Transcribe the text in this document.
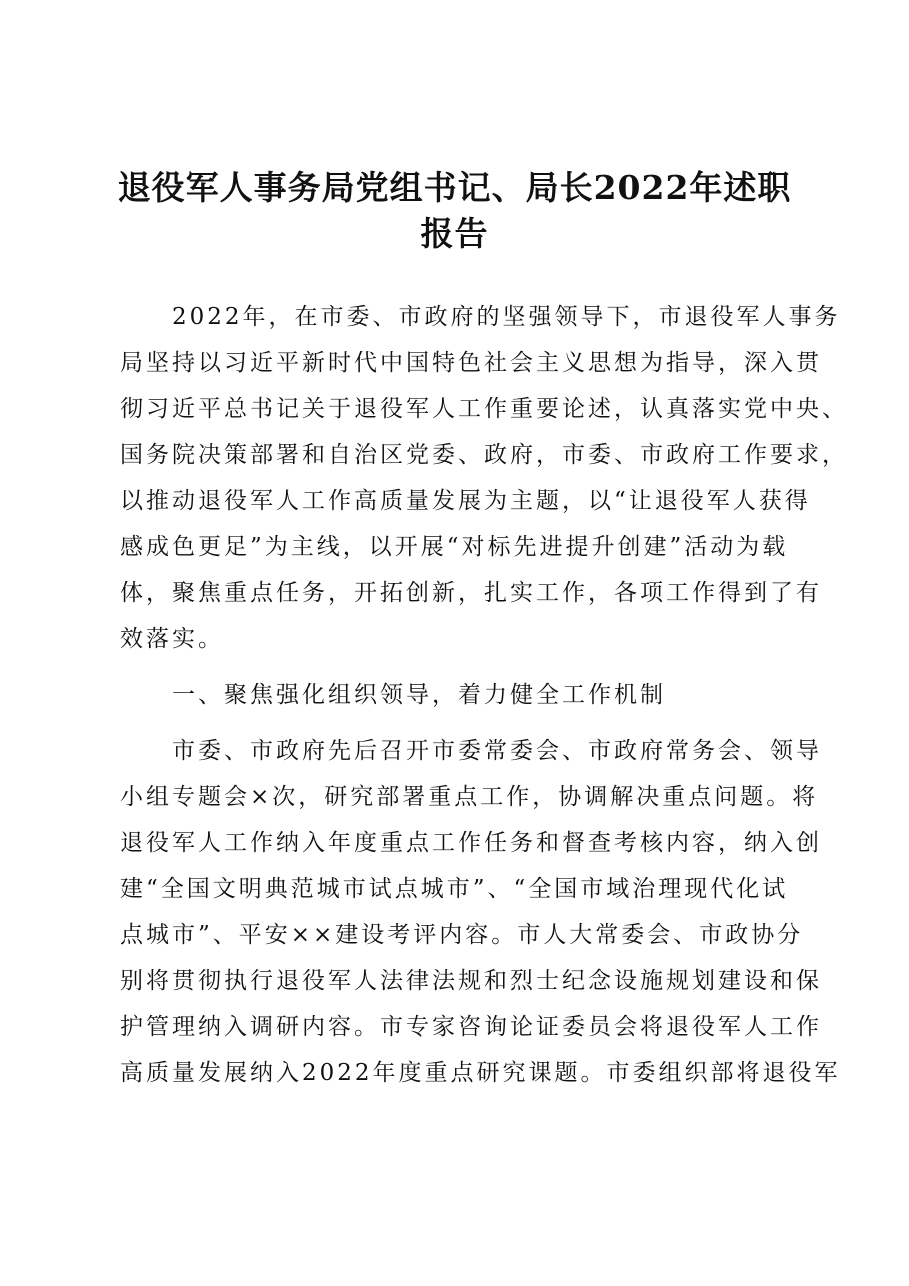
退役军人事务局党组书记、局长2022年述职
报告

2022年，在市委、市政府的坚强领导下，市退役军人事务

局坚持以习近平新时代中国特色社会主义思想为指导，深入贯

彻习近平总书记关于退役军人工作重要论述，认真落实党中央、

国务院决策部署和自治区党委、政府，市委、市政府工作要求，

以推动退役军人工作高质量发展为主题，以“让退役军人获得

感成色更足”为主线，以开展“对标先进提升创建”活动为载

体，聚焦重点任务，开拓创新，扎实工作，各项工作得到了有

效落实。

一、聚焦强化组织领导，着力健全工作机制

市委、市政府先后召开市委常委会、市政府常务会、领导

小组专题会×次，研究部署重点工作，协调解决重点问题。将

退役军人工作纳入年度重点工作任务和督查考核内容，纳入创

建“全国文明典范城市试点城市”、“全国市域治理现代化试

点城市”、平安××建设考评内容。市人大常委会、市政协分

别将贯彻执行退役军人法律法规和烈士纪念设施规划建设和保

护管理纳入调研内容。市专家咨询论证委员会将退役军人工作

高质量发展纳入2022年度重点研究课题。市委组织部将退役军
